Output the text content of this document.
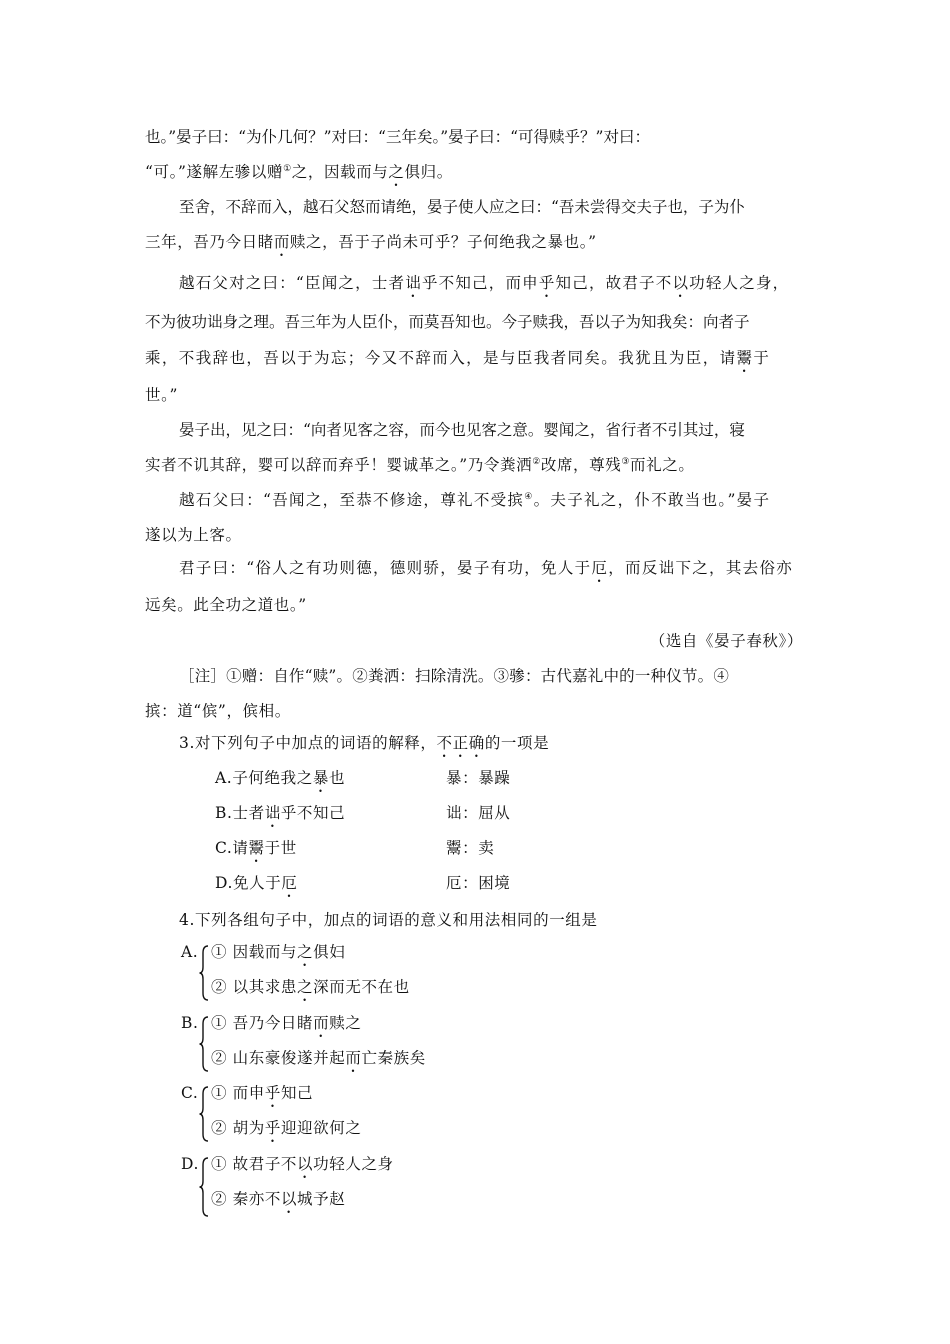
也。”晏子曰：“为仆几何？”对曰：“三年矣。”晏子曰：“可得赎乎？”对曰：
“可。”遂解左骖以赠①之，因载而与之俱归。
至舍，不辞而入，越石父怒而请绝，晏子使人应之曰：“吾未尝得交夫子也，子为仆
三年，吾乃今日睹而赎之，吾于子尚未可乎？子何绝我之暴也。”
越石父对之曰：“臣闻之，士者诎乎不知己，而申乎知己，故君子不以功轻人之身，
不为彼功诎身之理。吾三年为人臣仆，而莫吾知也。今子赎我，吾以子为知我矣：向者子
乘，不我辞也，吾以于为忘；今又不辞而入，是与臣我者同矣。我犹且为臣，请鬻于
世。”
晏子出，见之曰：“向者见客之容，而今也见客之意。婴闻之，省行者不引其过，寝
实者不讥其辞，婴可以辞而弃乎！婴诚革之。”乃令粪洒②改席，尊残③而礼之。
越石父曰：“吾闻之，至恭不修途，尊礼不受摈④。夫子礼之，仆不敢当也。”晏子
遂以为上客。
君子曰：“俗人之有功则德，德则骄，晏子有功，免人于厄，而反诎下之，其去俗亦
远矣。此全功之道也。”
（选自《晏子春秋》）
［注］①赠：自作“赎”。②粪洒：扫除清洗。③骖：古代嘉礼中的一种仪节。④
摈：道“傧”，傧相。
3.对下列句子中加点的词语的解释，不正确的一项是
A.子何绝我之暴也	暴：暴躁
B.士者诎乎不知己	诎：屈从
C.请鬻于世	鬻：卖
D.免人于厄	厄：困境
4.下列各组句子中，加点的词语的意义和用法相同的一组是
A. ① 因载而与之俱妇
② 以其求患之深而无不在也
B. ① 吾乃今日睹而赎之
② 山东豪俊遂并起而亡秦族矣
C. ① 而申乎知己
② 胡为乎迎迎欲何之
D. ① 故君子不以功轻人之身
② 秦亦不以城予赵
